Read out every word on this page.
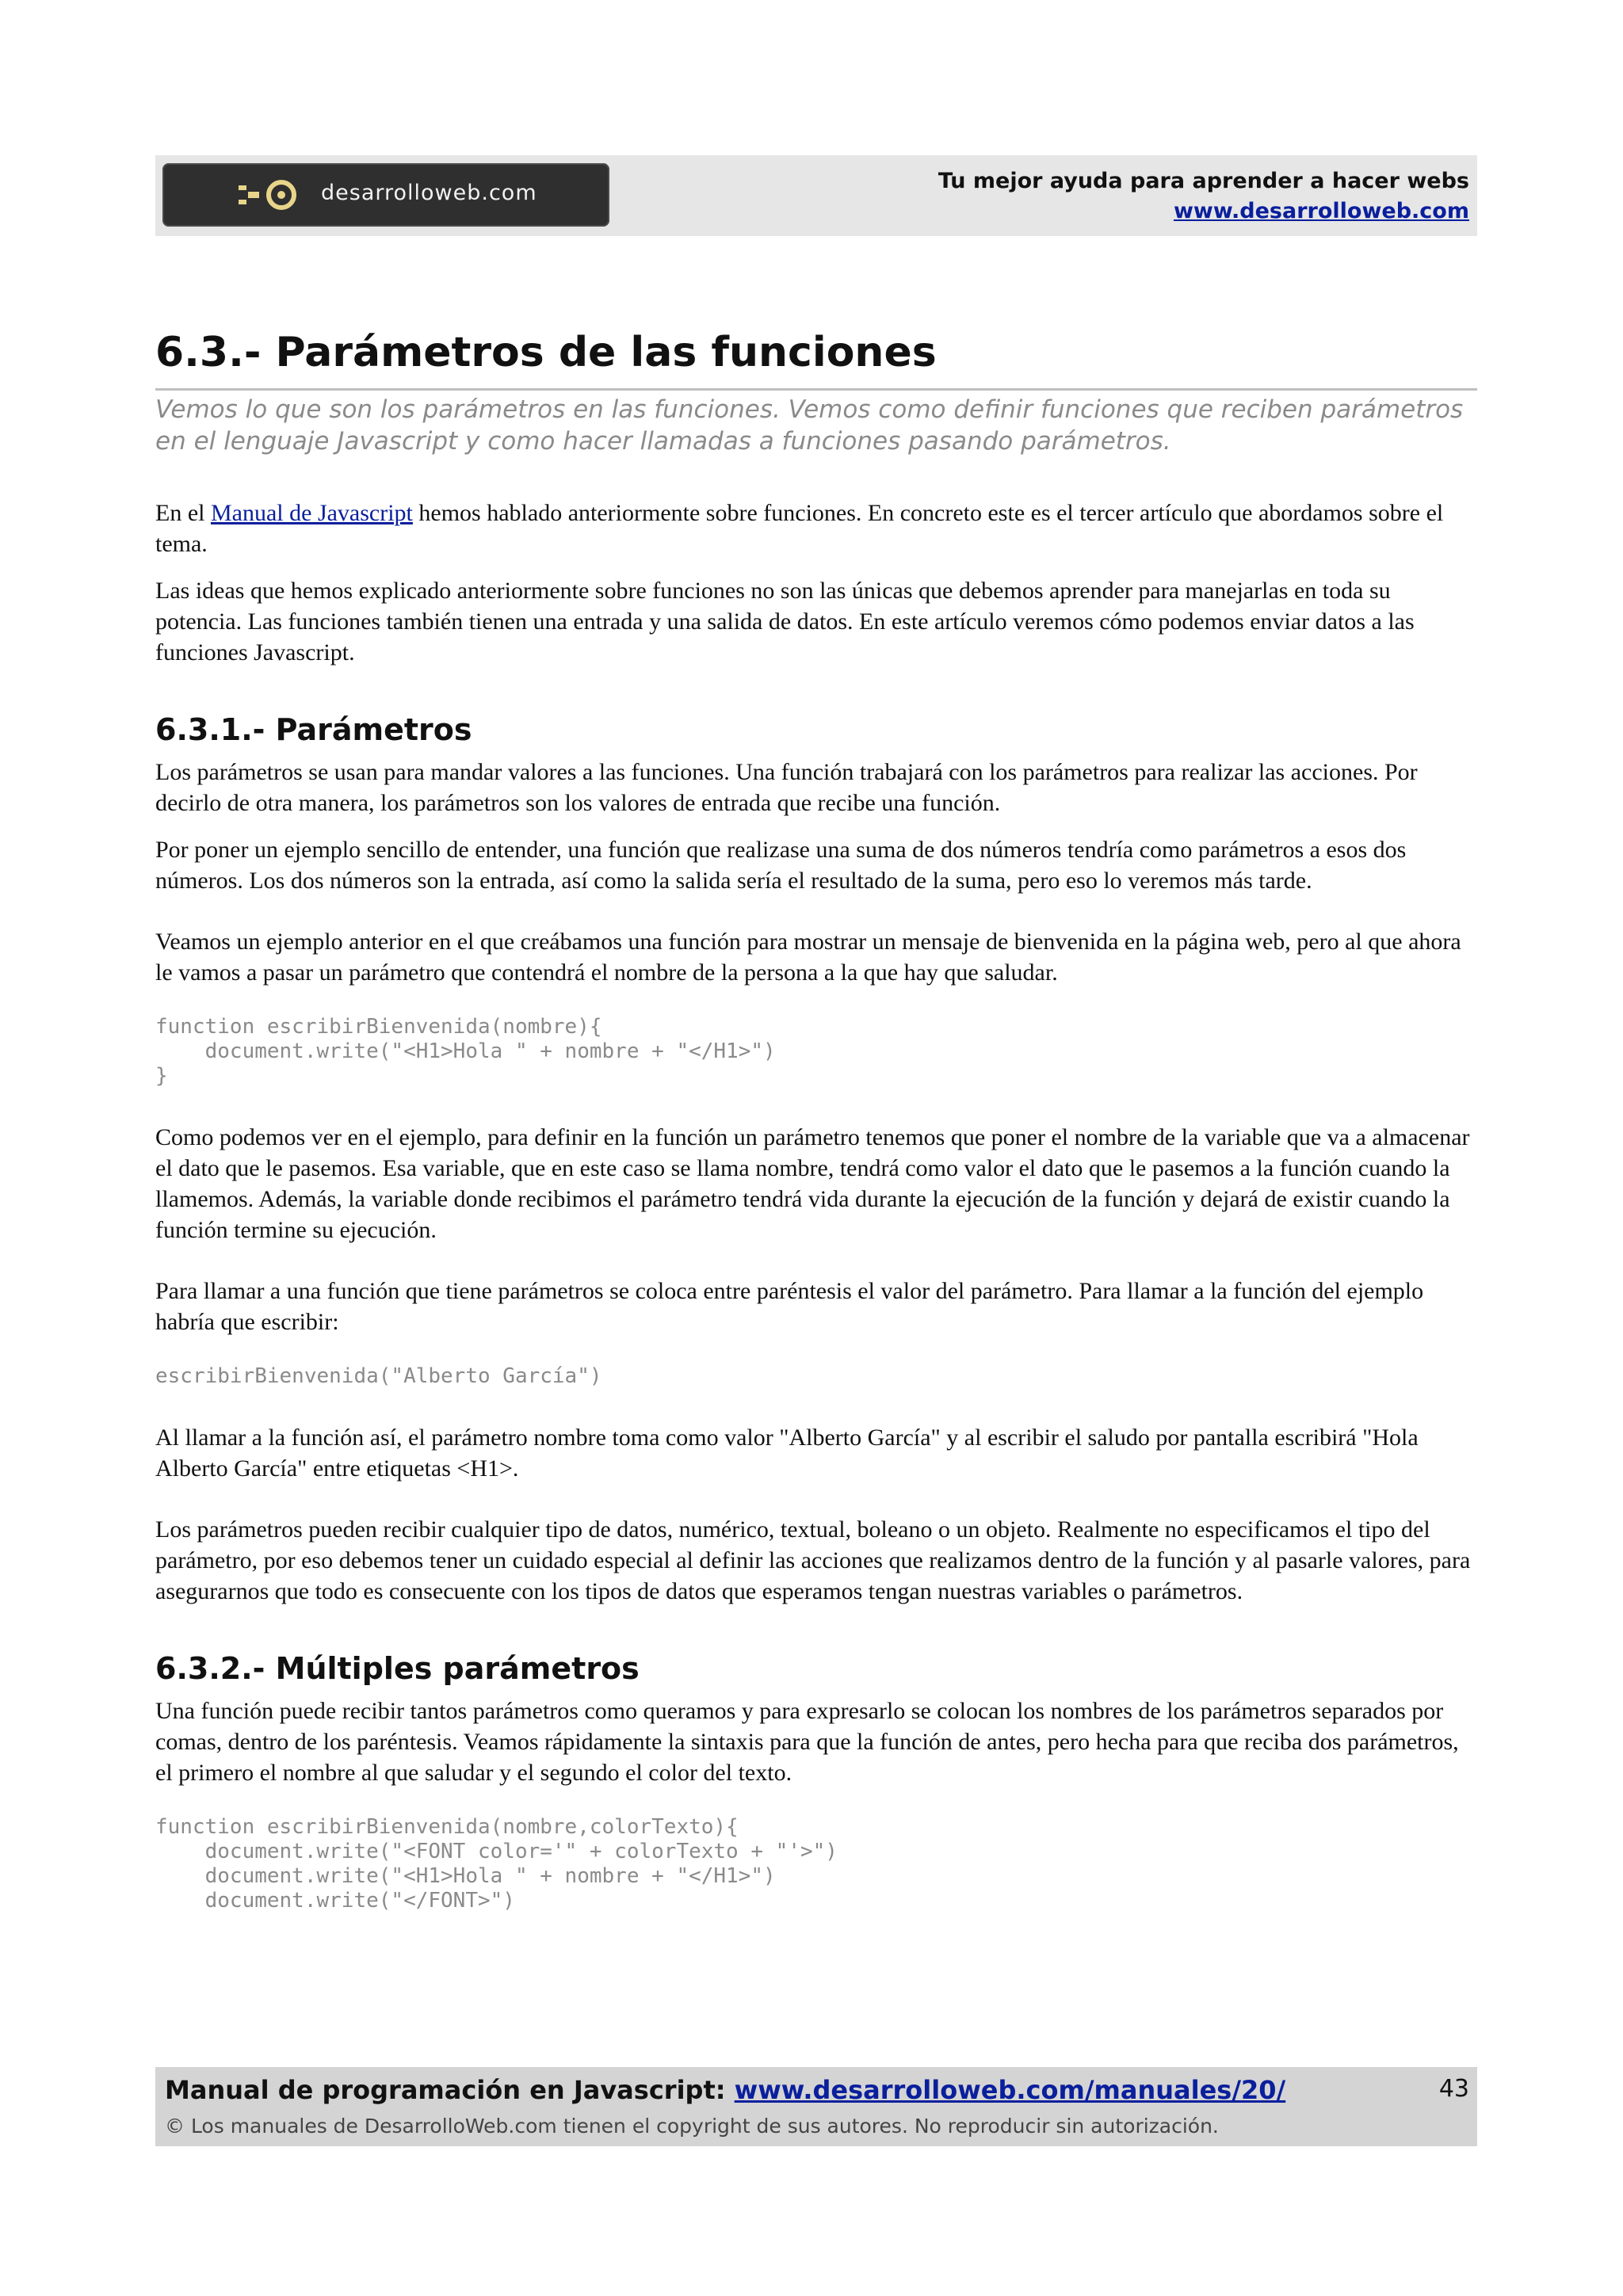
desarrolloweb.com	Tu mejor ayuda para aprender a hacer webs
www.desarrolloweb.com
6.3.- Parámetros de las funciones
Vemos lo que son los parámetros en las funciones. Vemos como definir funciones que reciben parámetros en el lenguaje Javascript y como hacer llamadas a funciones pasando parámetros.

En el Manual de Javascript hemos hablado anteriormente sobre funciones. En concreto este es el tercer artículo que abordamos sobre el tema.

Las ideas que hemos explicado anteriormente sobre funciones no son las únicas que debemos aprender para manejarlas en toda su potencia. Las funciones también tienen una entrada y una salida de datos. En este artículo veremos cómo podemos enviar datos a las funciones Javascript.

6.3.1.- Parámetros

Los parámetros se usan para mandar valores a las funciones. Una función trabajará con los parámetros para realizar las acciones. Por decirlo de otra manera, los parámetros son los valores de entrada que recibe una función.

Por poner un ejemplo sencillo de entender, una función que realizase una suma de dos números tendría como parámetros a esos dos números. Los dos números son la entrada, así como la salida sería el resultado de la suma, pero eso lo veremos más tarde.

Veamos un ejemplo anterior en el que creábamos una función para mostrar un mensaje de bienvenida en la página web, pero al que ahora le vamos a pasar un parámetro que contendrá el nombre de la persona a la que hay que saludar.

function escribirBienvenida(nombre){
document.write("<H1>Hola " + nombre + "</H1>")
}

Como podemos ver en el ejemplo, para definir en la función un parámetro tenemos que poner el nombre de la variable que va a almacenar el dato que le pasemos. Esa variable, que en este caso se llama nombre, tendrá como valor el dato que le pasemos a la función cuando la llamemos. Además, la variable donde recibimos el parámetro tendrá vida durante la ejecución de la función y dejará de existir cuando la función termine su ejecución.

Para llamar a una función que tiene parámetros se coloca entre paréntesis el valor del parámetro. Para llamar a la función del ejemplo habría que escribir:

escribirBienvenida("Alberto García")

Al llamar a la función así, el parámetro nombre toma como valor "Alberto García" y al escribir el saludo por pantalla escribirá "Hola Alberto García" entre etiquetas <H1>.

Los parámetros pueden recibir cualquier tipo de datos, numérico, textual, boleano o un objeto. Realmente no especificamos el tipo del parámetro, por eso debemos tener un cuidado especial al definir las acciones que realizamos dentro de la función y al pasarle valores, para asegurarnos que todo es consecuente con los tipos de datos que esperamos tengan nuestras variables o parámetros.

6.3.2.- Múltiples parámetros

Una función puede recibir tantos parámetros como queramos y para expresarlo se colocan los nombres de los parámetros separados por comas, dentro de los paréntesis. Veamos rápidamente la sintaxis para que la función de antes, pero hecha para que reciba dos parámetros, el primero el nombre al que saludar y el segundo el color del texto.

function escribirBienvenida(nombre,colorTexto){
document.write("<FONT color='" + colorTexto + "'>")
document.write("<H1>Hola " + nombre + "</H1>")
document.write("</FONT>")
Manual de programación en Javascript: www.desarrolloweb.com/manuales/20/
© Los manuales de DesarrolloWeb.com tienen el copyright de sus autores. No reproducir sin autorización.
43
